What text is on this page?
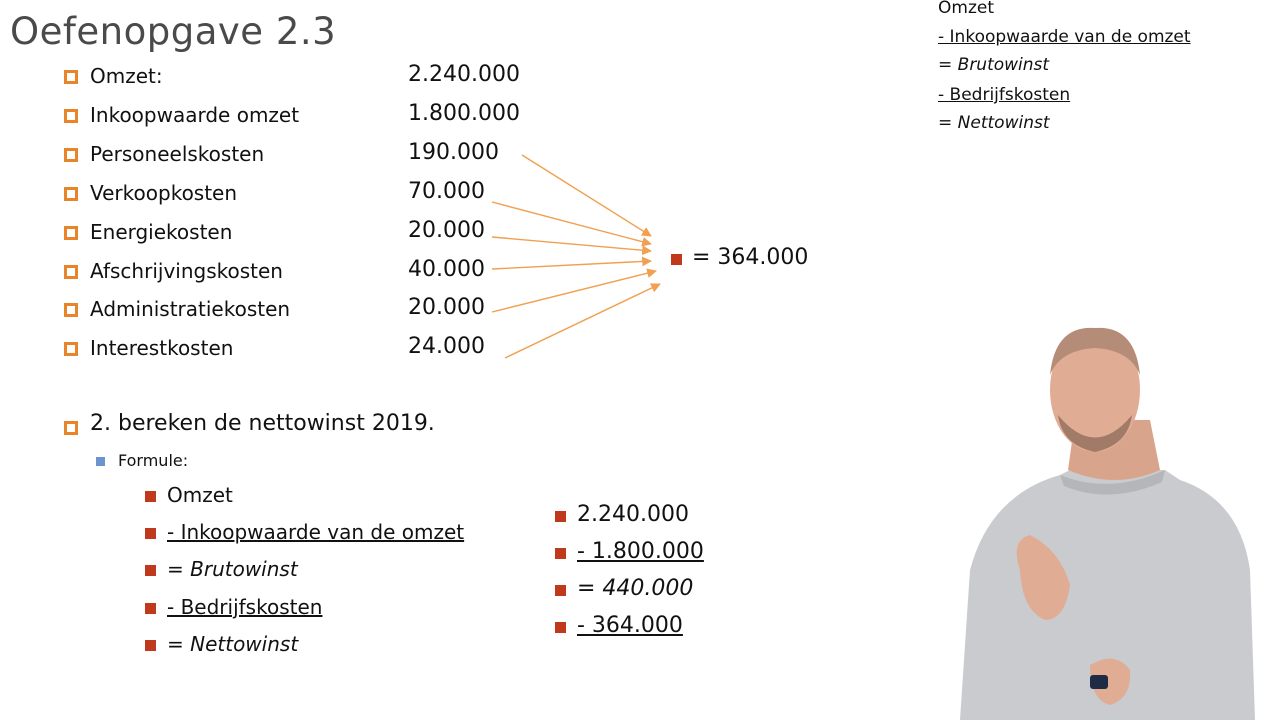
Oefenopgave 2.3
Omzet:	2.240.000
Inkoopwaarde omzet	1.800.000
Personeelskosten	190.000
Verkoopkosten	70.000
Energiekosten	20.000
Afschrijvingskosten	40.000
Administratiekosten	20.000
Interestkosten	24.000
= 364.000
2. bereken de nettowinst 2019.
Formule:
Omzet
- Inkoopwaarde van de omzet
= Brutowinst
- Bedrijfskosten
= Nettowinst
2.240.000
- 1.800.000
= 440.000
- 364.000
Omzet
- Inkoopwaarde van de omzet
= Brutowinst
- Bedrijfskosten
= Nettowinst
